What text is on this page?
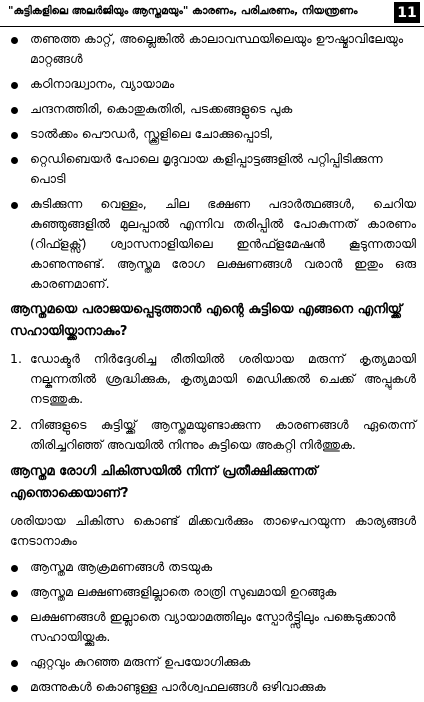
"കുട്ടികളിലെ അലർജിയും ആസ്തമയും" കാരണം, പരിചരണം, നിയന്ത്രണം	11
തണുത്ത കാറ്റ്, അല്ലെങ്കിൽ കാലാവസ്ഥയിലെയും ഊഷ്മാവിലേയും മാറ്റങ്ങൾ
കഠിനാദ്ധ്വാനം, വ്യായാമം
ചന്ദനത്തിരി, കൊതുകുതിരി, പടക്കങ്ങളുടെ പുക
ടാൽക്കം പൌഡർ, സ്ക്കൂളിലെ ചോക്കുപ്പൊടി,
റ്റെഡിബെയർ പോലെ മൃദുവായ കളിപ്പാട്ടങ്ങളിൽ പറ്റിപ്പിടിക്കുന്ന പൊടി
കുടിക്കുന്ന വെള്ളം, ചില ഭക്ഷണ പദാർത്ഥങ്ങൾ, ചെറിയ കുഞ്ഞുങ്ങളിൽ മുലപ്പാൽ എന്നിവ തരിപ്പിൽ പോകുന്നത് കാരണം (റിഫ്ളക്സ്) ശ്വാസനാളിയിലെ ഇൻഫ്ളമേഷൻ കൂടുന്നതായി കാണുന്നുണ്ട്. ആസ്തമ രോഗ ലക്ഷണങ്ങൾ വരാൻ ഇതും ഒരു കാരണമാണ്.
ആസ്തമയെ പരാജയപ്പെടുത്താൻ എന്റെ കുട്ടിയെ എങ്ങനെ എനിയ്ക്ക് സഹായിയ്ക്കാനാകും?
1. ഡോക്ടർ നിർദ്ദേശിച്ച രീതിയിൽ ശരിയായ മരുന്ന് കൃത്യമായി നല്കുന്നതിൽ ശ്രദ്ധിക്കുക, കൃത്യമായി മെഡിക്കൽ ചെക്ക് അപ്പുകൾ നടത്തുക.
2. നിങ്ങളുടെ കുട്ടിയ്ക്ക് ആസ്തമയുണ്ടാക്കുന്ന കാരണങ്ങൾ ഏതെന്ന് തിരിച്ചറിഞ്ഞ് അവയിൽ നിന്നും കുട്ടിയെ അകറ്റി നിർത്തുക.
ആസ്തമ രോഗി ചികിത്സയിൽ നിന്ന് പ്രതീക്ഷിക്കുന്നത് എന്തൊക്കെയാണ്?
ശരിയായ ചികിത്സ കൊണ്ട് മിക്കവർക്കും താഴെപറയുന്ന കാര്യങ്ങൾ നേടാനാകും
ആസ്തമ ആക്രമണങ്ങൾ തടയുക
ആസ്തമ ലക്ഷണങ്ങളില്ലാതെ രാത്രി സുഖമായി ഉറങ്ങുക
ലക്ഷണങ്ങൾ ഇല്ലാതെ വ്യായാമത്തിലും സ്പോർട്ട്സിലും പങ്കെടുക്കാൻ സഹായിയ്ക്കുക.
ഏറ്റവും കുറഞ്ഞ മരുന്ന് ഉപയോഗിക്കുക
മരുന്നുകൾ കൊണ്ടുള്ള പാർശ്വഫലങ്ങൾ ഒഴിവാക്കുക
